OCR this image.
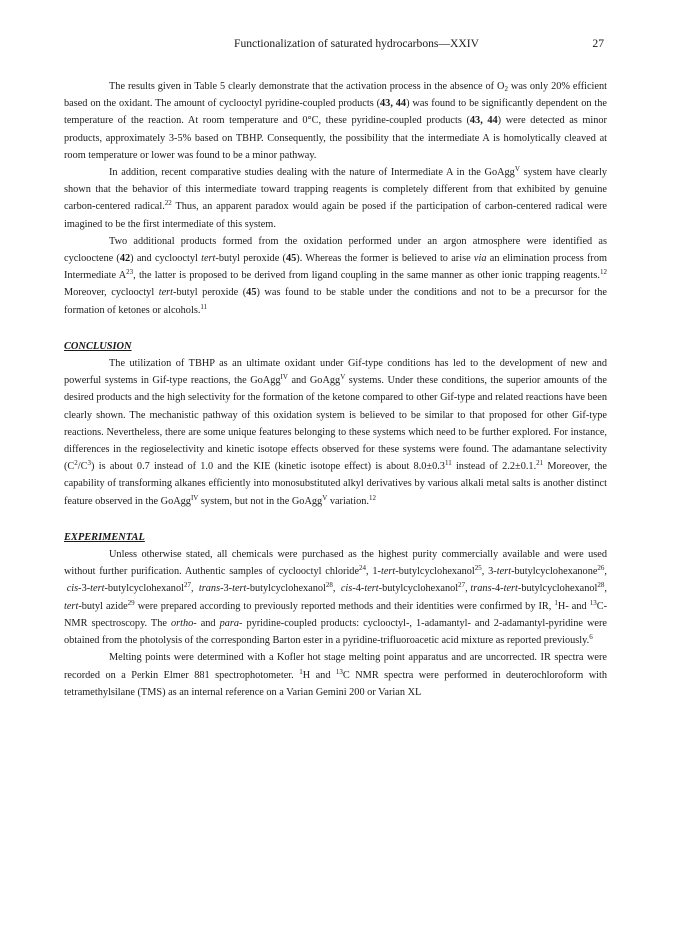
Functionalization of saturated hydrocarbons—XXIV	27

The results given in Table 5 clearly demonstrate that the activation process in the absence of $O_2$ was only 20% efficient based on the oxidant. The amount of cyclooctyl pyridine-coupled products (43, 44) was found to be significantly dependent on the temperature of the reaction. At room temperature and 0°C, these pyridine-coupled products (43, 44) were detected as minor products, approximately 3-5% based on TBHP. Consequently, the possibility that the intermediate A is homolytically cleaved at room temperature or lower was found to be a minor pathway.

In addition, recent comparative studies dealing with the nature of Intermediate A in the GoAgg$^V$ system have clearly shown that the behavior of this intermediate toward trapping reagents is completely different from that exhibited by genuine carbon-centered radical.$^{22}$ Thus, an apparent paradox would again be posed if the participation of carbon-centered radical were imagined to be the first intermediate of this system.

Two additional products formed from the oxidation performed under an argon atmosphere were identified as cyclooctene (42) and cyclooctyl tert-butyl peroxide (45). Whereas the former is believed to arise via an elimination process from Intermediate $A^{23}$, the latter is proposed to be derived from ligand coupling in the same manner as other ionic trapping reagents.$^{12}$ Moreover, cyclooctyl tert-butyl peroxide (45) was found to be stable under the conditions and not to be a precursor for the formation of ketones or alcohols.$^{11}$

CONCLUSION

The utilization of TBHP as an ultimate oxidant under Gif-type conditions has led to the development of new and powerful systems in Gif-type reactions, the GoAgg$^{IV}$ and GoAgg$^V$ systems. Under these conditions, the superior amounts of the desired products and the high selectivity for the formation of the ketone compared to other Gif-type and related reactions have been clearly shown. The mechanistic pathway of this oxidation system is believed to be similar to that proposed for other Gif-type reactions. Nevertheless, there are some unique features belonging to these systems which need to be further explored. For instance, differences in the regioselectivity and kinetic isotope effects observed for these systems were found. The adamantane selectivity $(C^2/C^3)$ is about 0.7 instead of 1.0 and the KIE (kinetic isotope effect) is about $8.0\pm 0.3^{11}$ instead of 2.2±0.1.21 Moreover, the capability of transforming alkanes efficiently into monosubstituted alkyl derivatives by various alkali metal salts is another distinct feature observed in the GoAgg$^{IV}$ system, but not in the GoAgg$^V$ variation.$^{12}$

EXPERIMENTAL

Unless otherwise stated, all chemicals were purchased as the highest purity commercially available and were used without further purification. Authentic samples of cyclooctyl chloride$^{24}$, 1-tert-butylcyclohexanol$^{25}$, 3-tert-butylcyclohexanone$^{26}$,  cis-3-tert-butylcyclohexanol$^{27}$,  trans-3-tert-butylcyclohexanol$^{28}$,  cis-4-tert-butylcyclohexanol$^{27}$, trans-4-tert-butylcyclohexanol$^{28}$, tert-butyl azide$^{29}$ were prepared according to previously reported methods and their identities were confirmed by IR, $^1$H- and $^{13}$C-NMR spectroscopy. The ortho- and para- pyridine-coupled products: cyclooctyl-, 1-adamantyl- and 2-adamantyl-pyridine were obtained from the photolysis of the corresponding Barton ester in a pyridine-trifluoroacetic acid mixture as reported previously.$^6$

Melting points were determined with a Kofler hot stage melting point apparatus and are uncorrected. IR spectra were recorded on a Perkin Elmer 881 spectrophotometer. $^1$H and $^{13}$C NMR spectra were performed in deuterochloroform with tetramethylsilane (TMS) as an internal reference on a Varian Gemini 200 or Varian XL
